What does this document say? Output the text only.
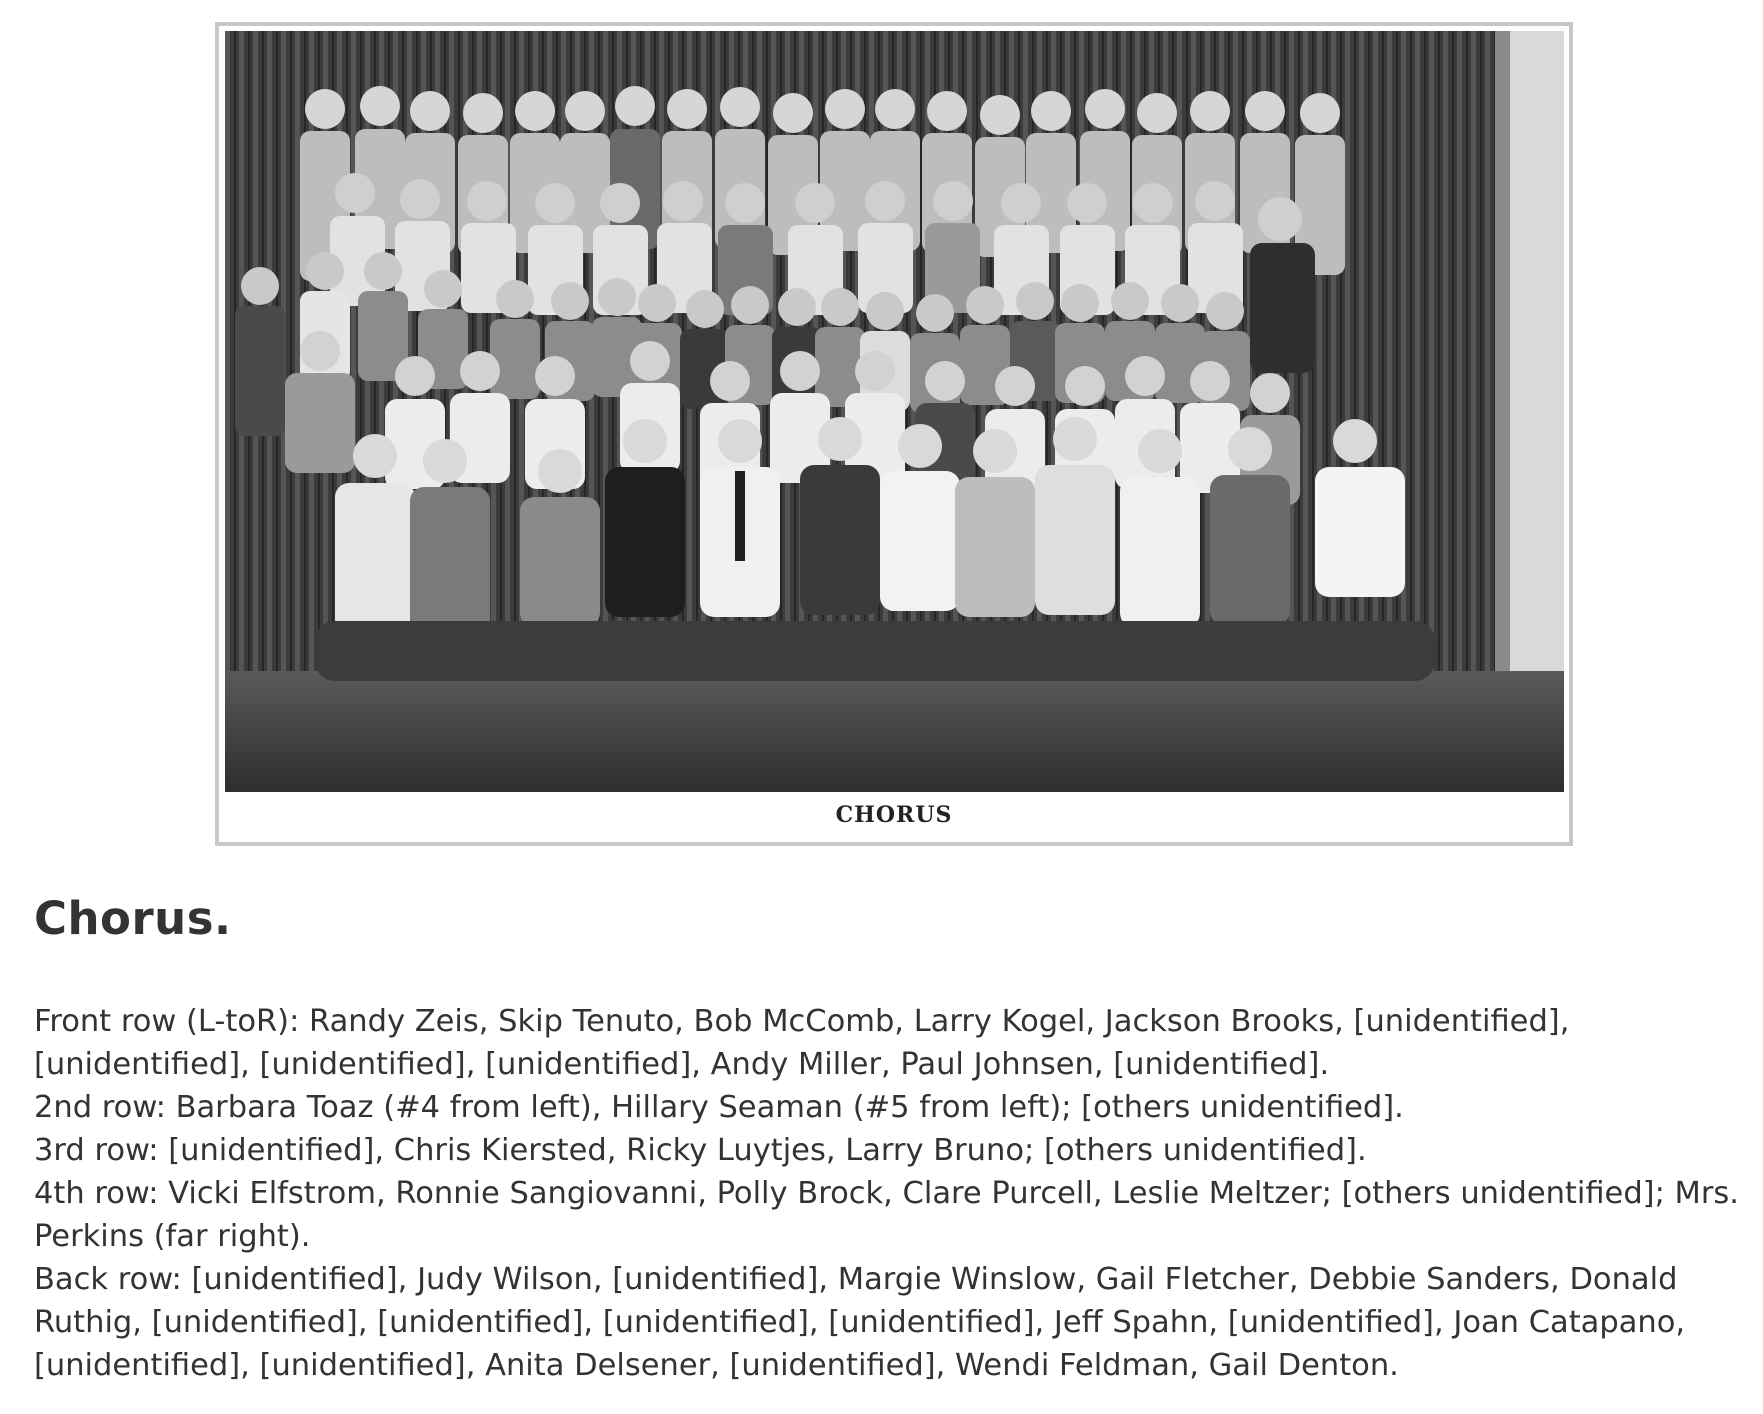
CHORUS
Chorus.

Front row (L-toR): Randy Zeis, Skip Tenuto, Bob McComb, Larry Kogel, Jackson Brooks, [unidentified], [unidentified], [unidentified], [unidentified], Andy Miller, Paul Johnsen, [unidentified].

2nd row: Barbara Toaz (#4 from left), Hillary Seaman (#5 from left); [others unidentified].

3rd row: [unidentified], Chris Kiersted, Ricky Luytjes, Larry Bruno; [others unidentified].

4th row: Vicki Elfstrom, Ronnie Sangiovanni, Polly Brock, Clare Purcell, Leslie Meltzer; [others unidentified]; Mrs. Perkins (far right).

Back row: [unidentified], Judy Wilson, [unidentified], Margie Winslow, Gail Fletcher, Debbie Sanders, Donald Ruthig, [unidentified], [unidentified], [unidentified], [unidentified], Jeff Spahn, [unidentified], Joan Catapano, [unidentified], [unidentified], Anita Delsener, [unidentified], Wendi Feldman, Gail Denton.
